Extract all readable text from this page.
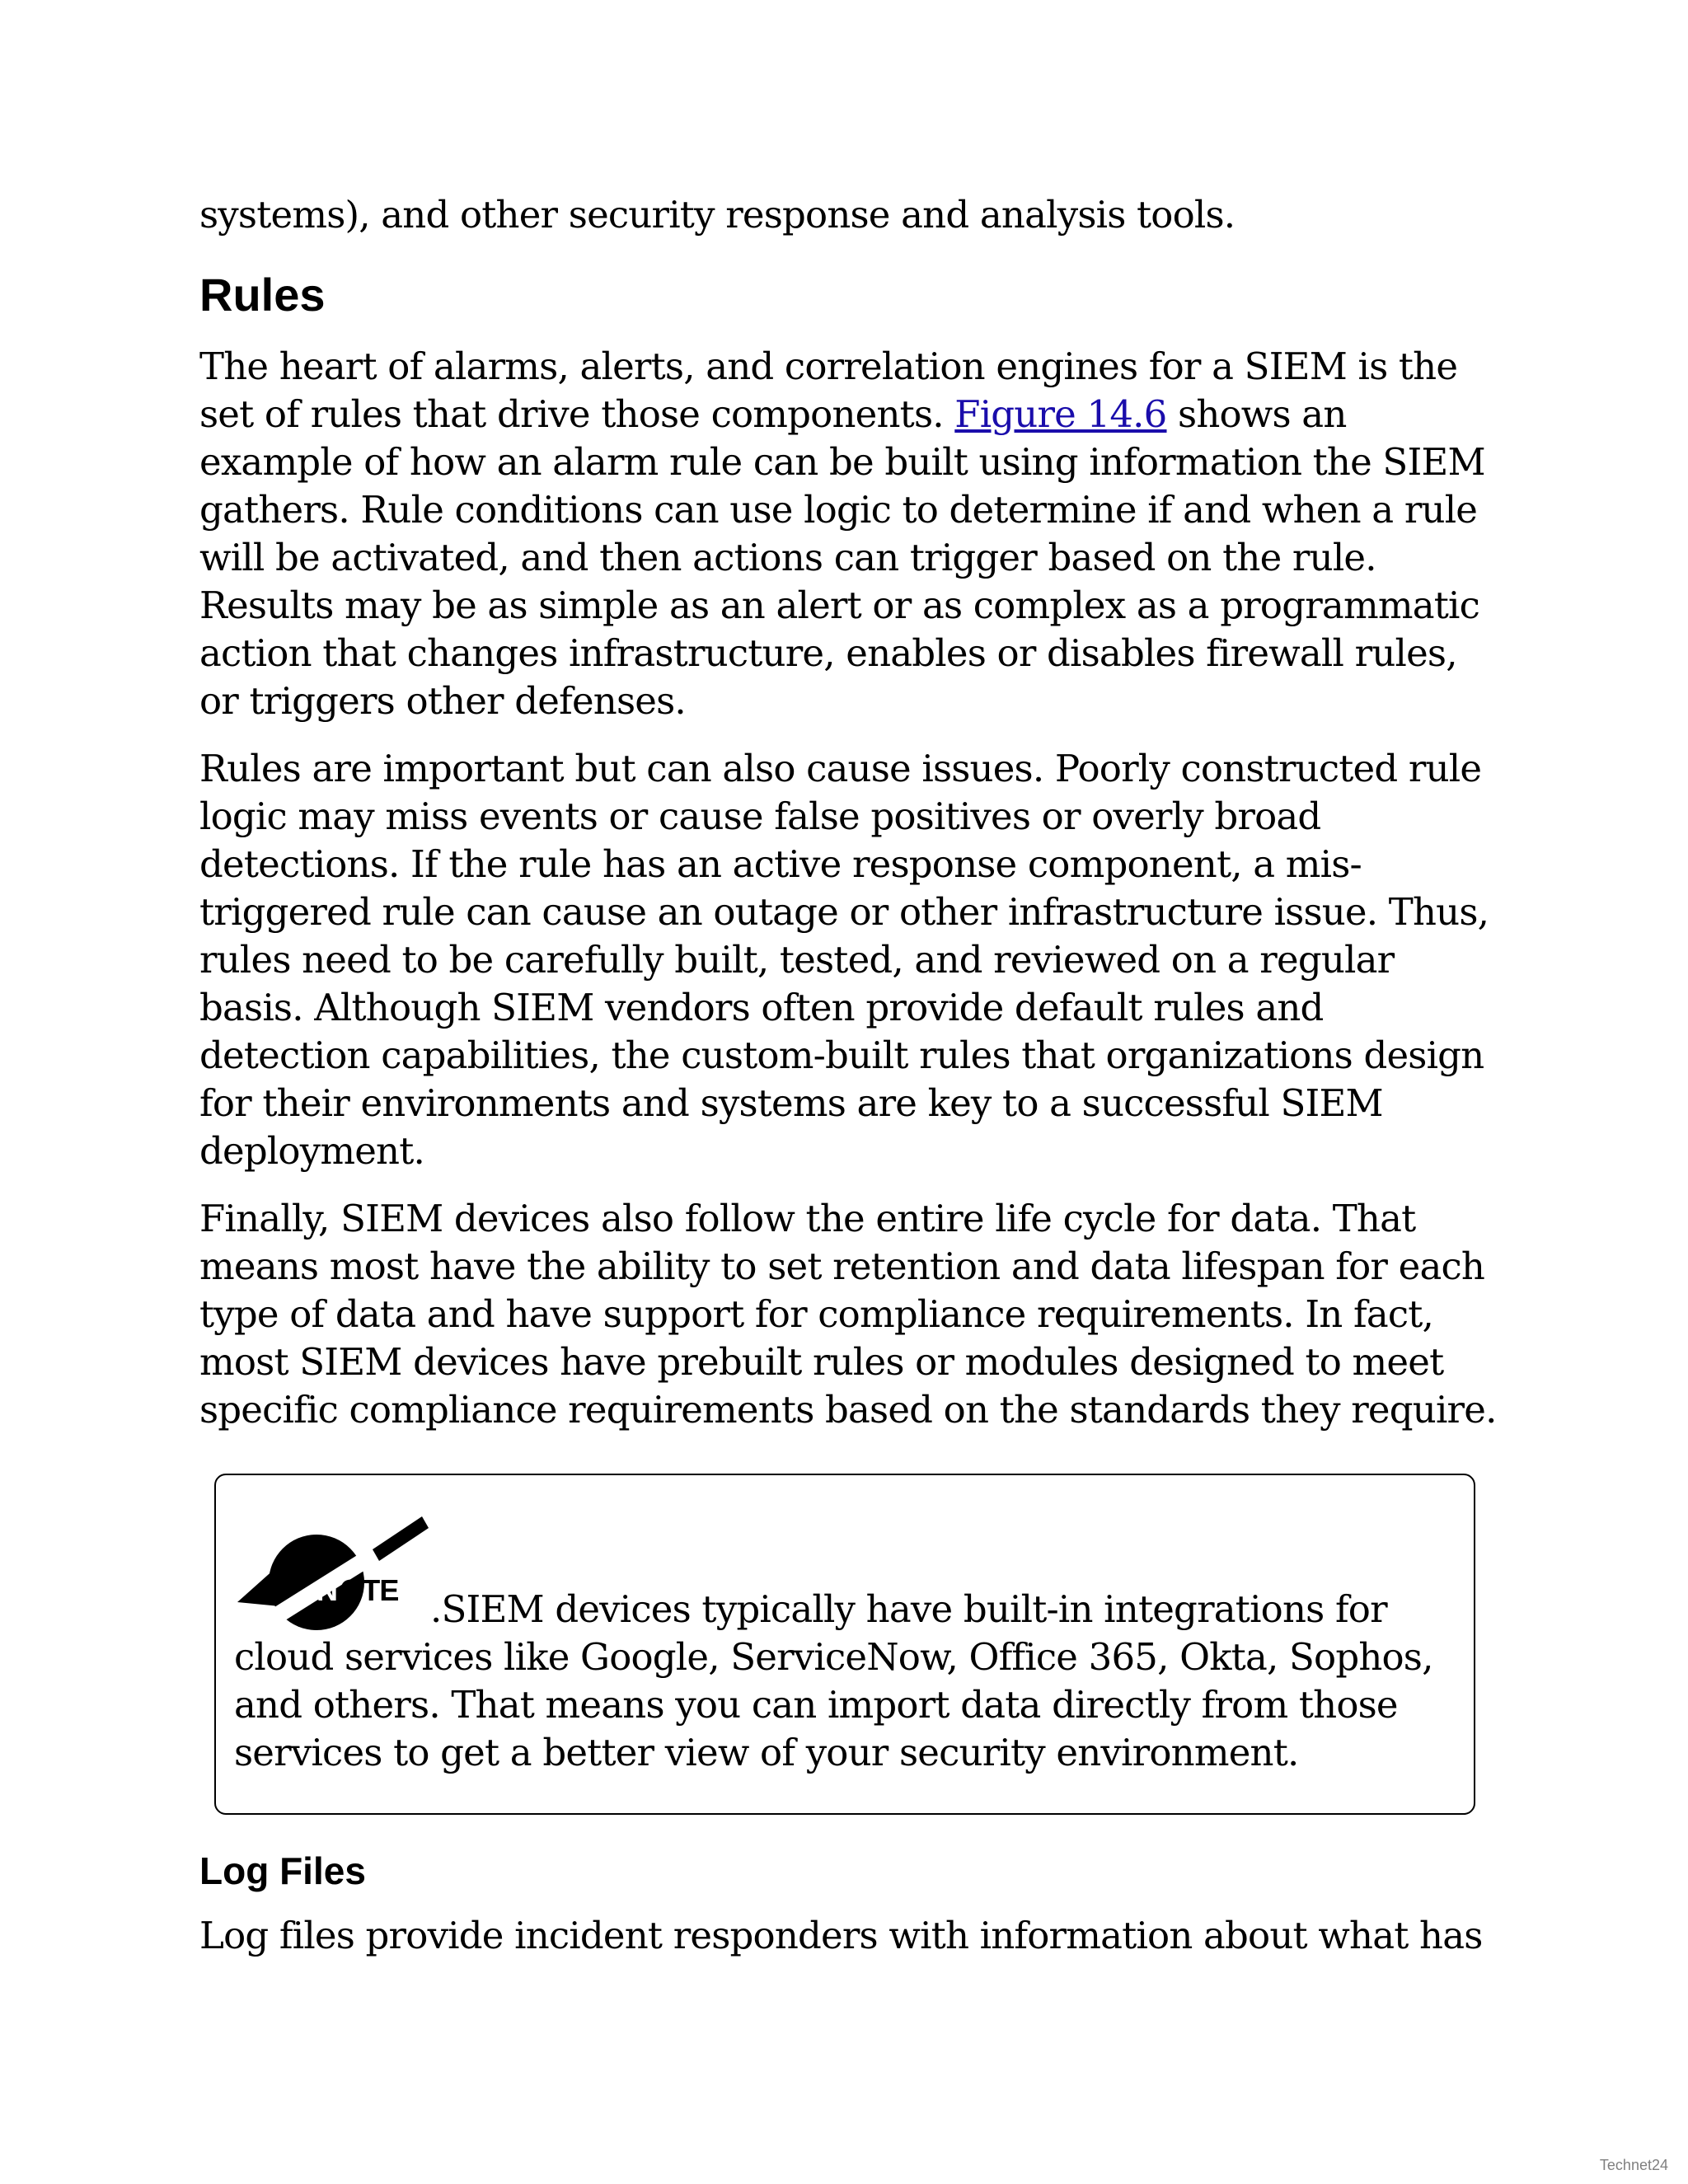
systems), and other security response and analysis tools.

Rules

The heart of alarms, alerts, and correlation engines for a SIEM is the set of rules that drive those components. Figure 14.6 shows an example of how an alarm rule can be built using information the SIEM gathers. Rule conditions can use logic to determine if and when a rule will be activated, and then actions can trigger based on the rule. Results may be as simple as an alert or as complex as a programmatic action that changes infrastructure, enables or disables firewall rules, or triggers other defenses.

Rules are important but can also cause issues. Poorly constructed rule logic may miss events or cause false positives or overly broad detections. If the rule has an active response component, a mis-triggered rule can cause an outage or other infrastructure issue. Thus, rules need to be carefully built, tested, and reviewed on a regular basis. Although SIEM vendors often provide default rules and detection capabilities, the custom-built rules that organizations design for their environments and systems are key to a successful SIEM deployment.

Finally, SIEM devices also follow the entire life cycle for data. That means most have the ability to set retention and data lifespan for each type of data and have support for compliance requirements. In fact, most SIEM devices have prebuilt rules or modules designed to meet specific compliance requirements based on the standards they require.

N ØTE .SIEM devices typically have built-in integrations for cloud services like Google, ServiceNow, Office 365, Okta, Sophos, and others. That means you can import data directly from those services to get a better view of your security environment.

Log Files

Log files provide incident responders with information about what has

Technet24
